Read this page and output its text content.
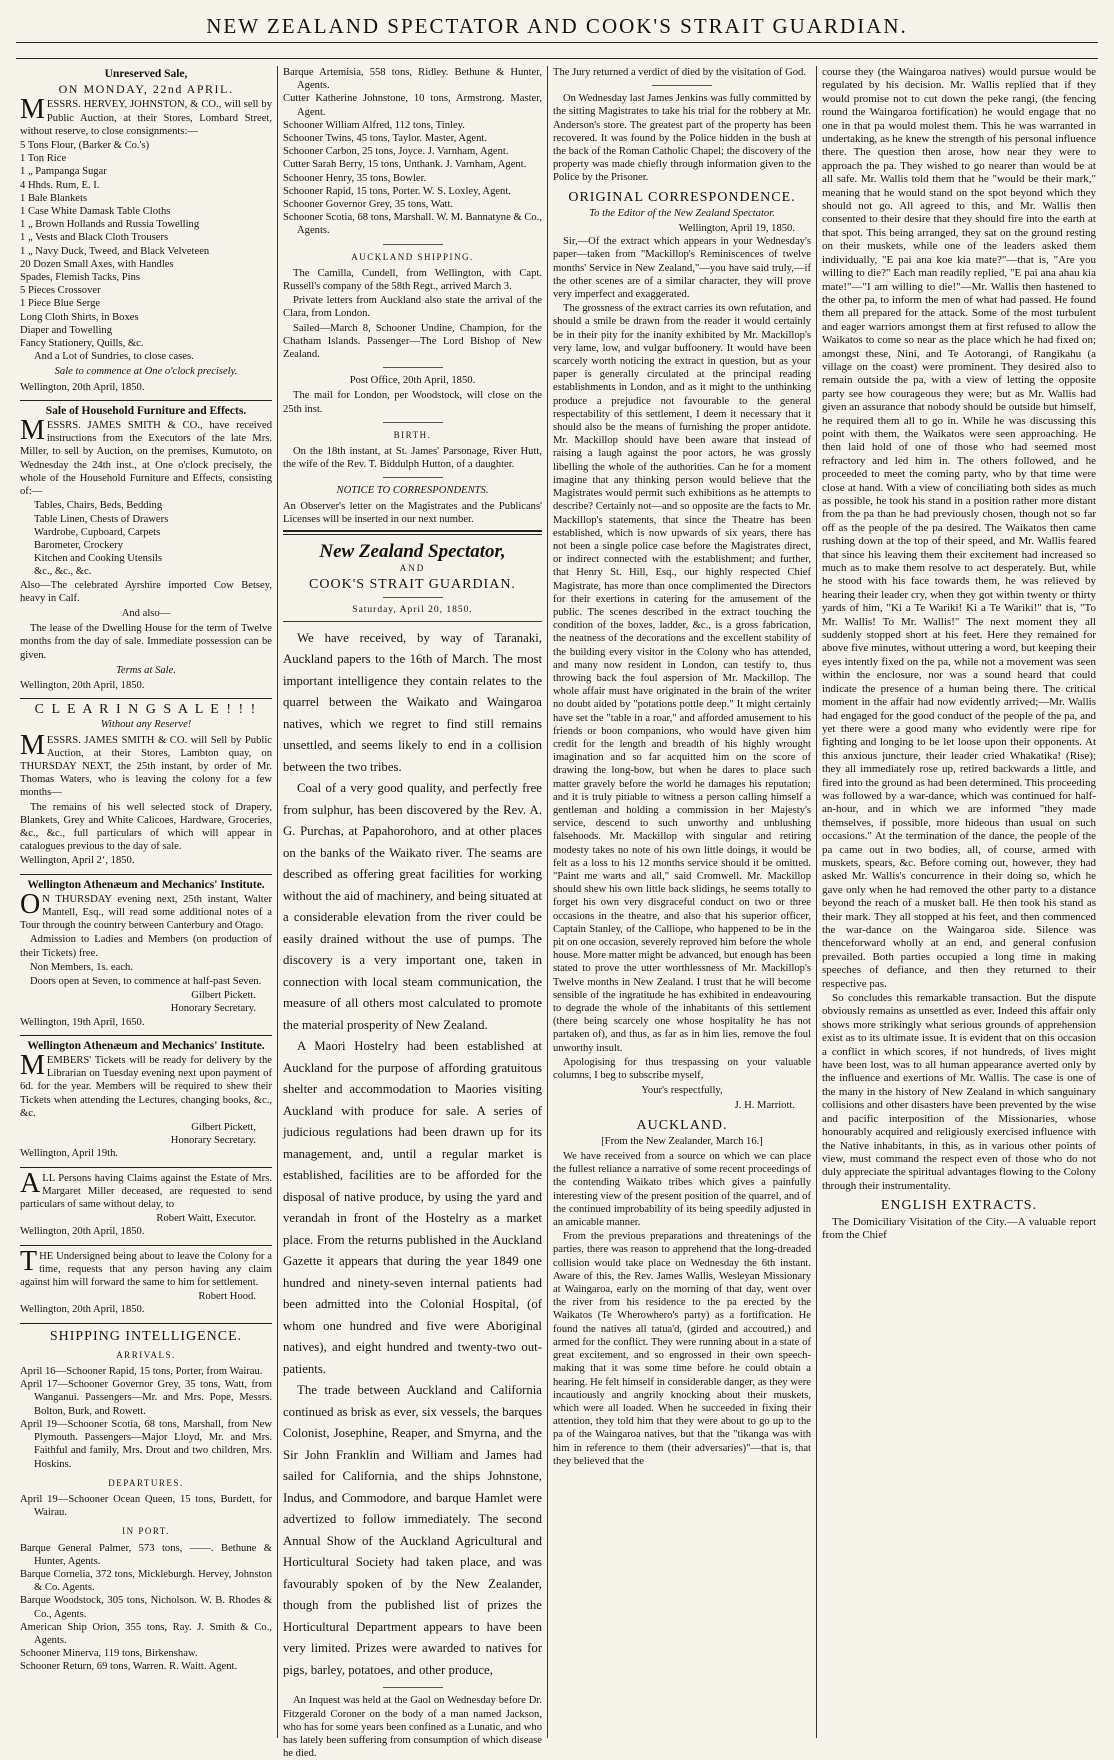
NEW ZEALAND SPECTATOR AND COOK'S STRAIT GUARDIAN.
Unreserved Sale,
ON MONDAY, 22nd APRIL.

MESSRS. HERVEY, JOHNSTON, & CO., will sell by Public Auction, at their Stores, Lombard Street, without reserve, to close consignments:—

5 Tons Flour, (Barker & Co.'s)
1 Ton Rice
1 „ Pampanga Sugar
4 Hhds. Rum, E. I.
1 Bale Blankets
1 Case White Damask Table Cloths
1 „ Brown Hollands and Russia Towelling
1 „ Vests and Black Cloth Trousers
1 „ Navy Duck, Tweed, and Black Velveteen
20 Dozen Small Axes, with Handles
Spades, Flemish Tacks, Pins
5 Pieces Crossover
1 Piece Blue Serge
Long Cloth Shirts, in Boxes
Diaper and Towelling
Fancy Stationery, Quills, &c.
And a Lot of Sundries, to close cases.
Sale to commence at One o'clock precisely.
Wellington, 20th April, 1850.
Sale of Household Furniture and Effects.

MESSRS. JAMES SMITH & CO., have received instructions from the Executors of the late Mrs. Miller, to sell by Auction, on the premises, Kumutoto, on Wednesday the 24th inst., at One o'clock precisely, the whole of the Household Furniture and Effects, consisting of:—

Tables, Chairs, Beds, Bedding
Table Linen, Chests of Drawers
Wardrobe, Cupboard, Carpets
Barometer, Crockery
Kitchen and Cooking Utensils
&c., &c., &c.

Also—The celebrated Ayrshire imported Cow Betsey, heavy in Calf.

And also—

The lease of the Dwelling House for the term of Twelve months from the day of sale. Immediate possession can be given.

Terms at Sale.
Wellington, 20th April, 1850.
C L E A R I N G S A L E ! ! !
Without any Reserve!

MESSRS. JAMES SMITH & CO. will Sell by Public Auction, at their Stores, Lambton quay, on THURSDAY NEXT, the 25th instant, by order of Mr. Thomas Waters, who is leaving the colony for a few months—

The remains of his well selected stock of Drapery, Blankets, Grey and White Calicoes, Hardware, Groceries, &c., &c., full particulars of which will appear in catalogues previous to the day of sale.

Wellington, April 2‘, 1850.
Wellington Athenæum and Mechanics' Institute.

ON THURSDAY evening next, 25th instant, Walter Mantell, Esq., will read some additional notes of a Tour through the country between Canterbury and Otago.

Admission to Ladies and Members (on production of their Tickets) free.

Non Members, 1s. each.

Doors open at Seven, to commence at half-past Seven.

Gilbert Pickett.
Honorary Secretary.
Wellington, 19th April, 1650.
Wellington Athenæum and Mechanics' Institute.

MEMBERS' Tickets will be ready for delivery by the Librarian on Tuesday evening next upon payment of 6d. for the year. Members will be required to shew their Tickets when attending the Lectures, changing books, &c., &c.

Gilbert Pickett,
Honorary Secretary.
Wellington, April 19th.

ALL Persons having Claims against the Estate of Mrs. Margaret Miller deceased, are requested to send particulars of same without delay, to

Robert Waitt, Executor.
Wellington, 20th April, 1850.

THE Undersigned being about to leave the Colony for a time, requests that any person having any claim against him will forward the same to him for settlement.

Robert Hood.
Wellington, 20th April, 1850.
SHIPPING INTELLIGENCE.
ARRIVALS.
April 16—Schooner Rapid, 15 tons, Porter, from Wairau.
April 17—Schooner Governor Grey, 35 tons, Watt, from Wanganui. Passengers—Mr. and Mrs. Pope, Messrs. Bolton, Burk, and Rowett.
April 19—Schooner Scotia, 68 tons, Marshall, from New Plymouth. Passengers—Major Lloyd, Mr. and Mrs. Faithful and family, Mrs. Drout and two children, Mrs. Hoskins.
DEPARTURES.
April 19—Schooner Ocean Queen, 15 tons, Burdett, for Wairau.
IN PORT.
Barque General Palmer, 573 tons, ——. Bethune & Hunter, Agents.
Barque Cornelia, 372 tons, Mickleburgh. Hervey, Johnston & Co. Agents.
Barque Woodstock, 305 tons, Nicholson. W. B. Rhodes & Co., Agents.
American Ship Orion, 355 tons, Ray. J. Smith & Co., Agents.
Schooner Minerva, 119 tons, Birkenshaw.
Schooner Return, 69 tons, Warren. R. Waitt. Agent.
Barque Artemisia, 558 tons, Ridley. Bethune & Hunter, Agents.
Cutter Katherine Johnstone, 10 tons, Armstrong. Master, Agent.
Schooner William Alfred, 112 tons, Tinley.
Schooner Twins, 45 tons, Taylor. Master, Agent.
Schooner Carbon, 25 tons, Joyce. J. Varnham, Agent.
Cutter Sarah Berry, 15 tons, Unthank. J. Varnham, Agent.
Schooner Henry, 35 tons, Bowler.
Schooner Rapid, 15 tons, Porter. W. S. Loxley, Agent.
Schooner Governor Grey, 35 tons, Watt.
Schooner Scotia, 68 tons, Marshall. W. M. Bannatyne & Co., Agents.
AUCKLAND SHIPPING.

The Camilla, Cundell, from Wellington, with Capt. Russell's company of the 58th Regt., arrived March 3.

Private letters from Auckland also state the arrival of the Clara, from London.

Sailed—March 8, Schooner Undine, Champion, for the Chatham Islands. Passenger—The Lord Bishop of New Zealand.

Post Office, 20th April, 1850.

The mail for London, per Woodstock, will close on the 25th inst.

BIRTH.

On the 18th instant, at St. James' Parsonage, River Hutt, the wife of the Rev. T. Biddulph Hutton, of a daughter.

NOTICE TO CORRESPONDENTS.

An Observer's letter on the Magistrates and the Publicans' Licenses will be inserted in our next number.

New Zealand Spectator,
AND
COOK'S STRAIT GUARDIAN.
Saturday, April 20, 1850.

We have received, by way of Taranaki, Auckland papers to the 16th of March. The most important intelligence they contain relates to the quarrel between the Waikato and Waingaroa natives, which we regret to find still remains unsettled, and seems likely to end in a collision between the two tribes.

Coal of a very good quality, and perfectly free from sulphur, has been discovered by the Rev. A. G. Purchas, at Papahorohoro, and at other places on the banks of the Waikato river. The seams are described as offering great facilities for working without the aid of machinery, and being situated at a considerable elevation from the river could be easily drained without the use of pumps. The discovery is a very important one, taken in connection with local steam communication, the measure of all others most calculated to promote the material prosperity of New Zealand.

A Maori Hostelry had been established at Auckland for the purpose of affording gratuitous shelter and accommodation to Maories visiting Auckland with produce for sale. A series of judicious regulations had been drawn up for its management, and, until a regular market is established, facilities are to be afforded for the disposal of native produce, by using the yard and verandah in front of the Hostelry as a market place. From the returns published in the Auckland Gazette it appears that during the year 1849 one hundred and ninety-seven internal patients had been admitted into the Colonial Hospital, (of whom one hundred and five were Aboriginal natives), and eight hundred and twenty-two out-patients.

The trade between Auckland and California continued as brisk as ever, six vessels, the barques Colonist, Josephine, Reaper, and Smyrna, and the Sir John Franklin and William and James had sailed for California, and the ships Johnstone, Indus, and Commodore, and barque Hamlet were advertized to follow immediately. The second Annual Show of the Auckland Agricultural and Horticultural Society had taken place, and was favourably spoken of by the New Zealander, though from the published list of prizes the Horticultural Department appears to have been very limited. Prizes were awarded to natives for pigs, barley, potatoes, and other produce,

An Inquest was held at the Gaol on Wednesday before Dr. Fitzgerald Coroner on the body of a man named Jackson, who has for some years been confined as a Lunatic, and who has lately been suffering from consumption of which disease he died.

The Jury returned a verdict of died by the visitation of God.

On Wednesday last James Jenkins was fully committed by the sitting Magistrates to take his trial for the robbery at Mr. Anderson's store. The greatest part of the property has been recovered. It was found by the Police hidden in the bush at the back of the Roman Catholic Chapel; the discovery of the property was made chiefly through information given to the Police by the Prisoner.

ORIGINAL CORRESPONDENCE.
To the Editor of the New Zealand Spectator.
Wellington, April 19, 1850.

Sir,—Of the extract which appears in your Wednesday's paper—taken from "Mackillop's Reminiscences of twelve months' Service in New Zealand,"—you have said truly,—if the other scenes are of a similar character, they will prove very imperfect and exaggerated.

The grossness of the extract carries its own refutation, and should a smile be drawn from the reader it would certainly be in their pity for the inanity exhibited by Mr. Mackillop's very lame, low, and vulgar buffoonery. It would have been scarcely worth noticing the extract in question, but as your paper is generally circulated at the principal reading establishments in London, and as it might to the unthinking produce a prejudice not favourable to the general respectability of this settlement, I deem it necessary that it should also be the means of furnishing the proper antidote. Mr. Mackillop should have been aware that instead of raising a laugh against the poor actors, he was grossly libelling the whole of the authorities. Can he for a moment imagine that any thinking person would believe that the Magistrates would permit such exhibitions as he attempts to describe? Certainly not—and so opposite are the facts to Mr. Mackillop's statements, that since the Theatre has been established, which is now upwards of six years, there has not been a single police case before the Magistrates direct, or indirect connected with the establishment; and further, that Henry St. Hill, Esq., our highly respected Chief Magistrate, has more than once complimented the Directors for their exertions in catering for the amusement of the public. The scenes described in the extract touching the condition of the boxes, ladder, &c., is a gross fabrication, the neatness of the decorations and the excellent stability of the building every visitor in the Colony who has attended, and many now resident in London, can testify to, thus throwing back the foul aspersion of Mr. Mackillop. The whole affair must have originated in the brain of the writer no doubt aided by "potations pottle deep." It might certainly have set the "table in a roar," and afforded amusement to his friends or boon companions, who would have given him credit for the length and breadth of his highly wrought imagination and so far acquitted him on the score of drawing the long-bow, but when he dares to place such matter gravely before the world he damages his reputation; and it is truly pitiable to witness a person calling himself a gentleman and holding a commission in her Majesty's service, descend to such unworthy and unblushing falsehoods. Mr. Mackillop with singular and retiring modesty takes no note of his own little doings, it would be felt as a loss to his 12 months service should it be omitted. "Paint me warts and all," said Cromwell. Mr. Mackillop should shew his own little back slidings, he seems totally to forget his own very disgraceful conduct on two or three occasions in the theatre, and also that his superior officer, Captain Stanley, of the Calliope, who happened to be in the pit on one occasion, severely reproved him before the whole house. More matter might be advanced, but enough has been stated to prove the utter worthlessness of Mr. Mackillop's Twelve months in New Zealand. I trust that he will become sensible of the ingratitude he has exhibited in endeavouring to degrade the whole of the inhabitants of this settlement (there being scarcely one whose hospitality he has not partaken of), and thus, as far as in him lies, remove the foul unworthy insult.

Apologising for thus trespassing on your valuable columns, I beg to subscribe myself,

Your's respectfully,
J. H. Marriott.
AUCKLAND.
[From the New Zealander, March 16.]

We have received from a source on which we can place the fullest reliance a narrative of some recent proceedings of the contending Waikato tribes which gives a painfully interesting view of the present position of the quarrel, and of the continued improbability of its being speedily adjusted in an amicable manner.

From the previous preparations and threatenings of the parties, there was reason to apprehend that the long-dreaded collision would take place on Wednesday the 6th instant. Aware of this, the Rev. James Wallis, Wesleyan Missionary at Waingaroa, early on the morning of that day, went over the river from his residence to the pa erected by the Waikatos (Te Wherowhero's party) as a fortification. He found the natives all tatua'd, (girded and accoutred,) and armed for the conflict. They were running about in a state of great excitement, and so engrossed in their own speech-making that it was some time before he could obtain a hearing. He felt himself in considerable danger, as they were incautiously and angrily knocking about their muskets, which were all loaded. When he succeeded in fixing their attention, they told him that they were about to go up to the pa of the Waingaroa natives, but that the "tikanga was with him in reference to them (their adversaries)"—that is, that they believed that the

course they (the Waingaroa natives) would pursue would be regulated by his decision. Mr. Wallis replied that if they would promise not to cut down the peke rangi, (the fencing round the Waingaroa fortification) he would engage that no one in that pa would molest them. This he was warranted in undertaking, as he knew the strength of his personal influence there. The question then arose, how near they were to approach the pa. They wished to go nearer than would be at all safe. Mr. Wallis told them that he "would be their mark," meaning that he would stand on the spot beyond which they should not go. All agreed to this, and Mr. Wallis then consented to their desire that they should fire into the earth at that spot. This being arranged, they sat on the ground resting on their muskets, while one of the leaders asked them individually, "E pai ana koe kia mate?"—that is, "Are you willing to die?" Each man readily replied, "E pai ana ahau kia mate!"—"I am willing to die!"—Mr. Wallis then hastened to the other pa, to inform the men of what had passed. He found them all prepared for the attack. Some of the most turbulent and eager warriors amongst them at first refused to allow the Waikatos to come so near as the place which he had fixed on; amongst these, Nini, and Te Aotorangi, of Rangikahu (a village on the coast) were prominent. They desired also to remain outside the pa, with a view of letting the opposite party see how courageous they were; but as Mr. Wallis had given an assurance that nobody should be outside but himself, he required them all to go in. While he was discussing this point with them, the Waikatos were seen approaching. He then laid hold of one of those who had seemed most refractory and led him in. The others followed, and he proceeded to meet the coming party, who by that time were close at hand. With a view of conciliating both sides as much as possible, he took his stand in a position rather more distant from the pa than he had previously chosen, though not so far off as the people of the pa desired. The Waikatos then came rushing down at the top of their speed, and Mr. Wallis feared that since his leaving them their excitement had increased so much as to make them resolve to act desperately. But, while he stood with his face towards them, he was relieved by hearing their leader cry, when they got within twenty or thirty yards of him, "Ki a Te Wariki! Ki a Te Wariki!" that is, "To Mr. Wallis! To Mr. Wallis!" The next moment they all suddenly stopped short at his feet. Here they remained for above five minutes, without uttering a word, but keeping their eyes intently fixed on the pa, while not a movement was seen within the enclosure, nor was a sound heard that could indicate the presence of a human being there. The critical moment in the affair had now evidently arrived;—Mr. Wallis had engaged for the good conduct of the people of the pa, and yet there were a good many who evidently were ripe for fighting and longing to be let loose upon their opponents. At this anxious juncture, their leader cried Whakatika! (Rise); they all immediately rose up, retired backwards a little, and fired into the ground as had been determined. This proceeding was followed by a war-dance, which was continued for half-an-hour, and in which we are informed "they made themselves, if possible, more hideous than usual on such occasions." At the termination of the dance, the people of the pa came out in two bodies, all, of course, armed with muskets, spears, &c. Before coming out, however, they had asked Mr. Wallis's concurrence in their doing so, which he gave only when he had removed the other party to a distance beyond the reach of a musket ball. He then took his stand as their mark. They all stopped at his feet, and then commenced the war-dance on the Waingaroa side. Silence was thenceforward wholly at an end, and general confusion prevailed. Both parties occupied a long time in making speeches of defiance, and then they returned to their respective pas.

So concludes this remarkable transaction. But the dispute obviously remains as unsettled as ever. Indeed this affair only shows more strikingly what serious grounds of apprehension exist as to its ultimate issue. It is evident that on this occasion a conflict in which scores, if not hundreds, of lives might have been lost, was to all human appearance averted only by the influence and exertions of Mr. Wallis. The case is one of the many in the history of New Zealand in which sanguinary collisions and other disasters have been prevented by the wise and pacific interposition of the Missionaries, whose honourably acquired and religiously exercised influence with the Native inhabitants, in this, as in various other points of view, must command the respect even of those who do not duly appreciate the spiritual advantages flowing to the Colony through their instrumentality.

ENGLISH EXTRACTS.

The Domiciliary Visitation of the City.—A valuable report from the Chief
